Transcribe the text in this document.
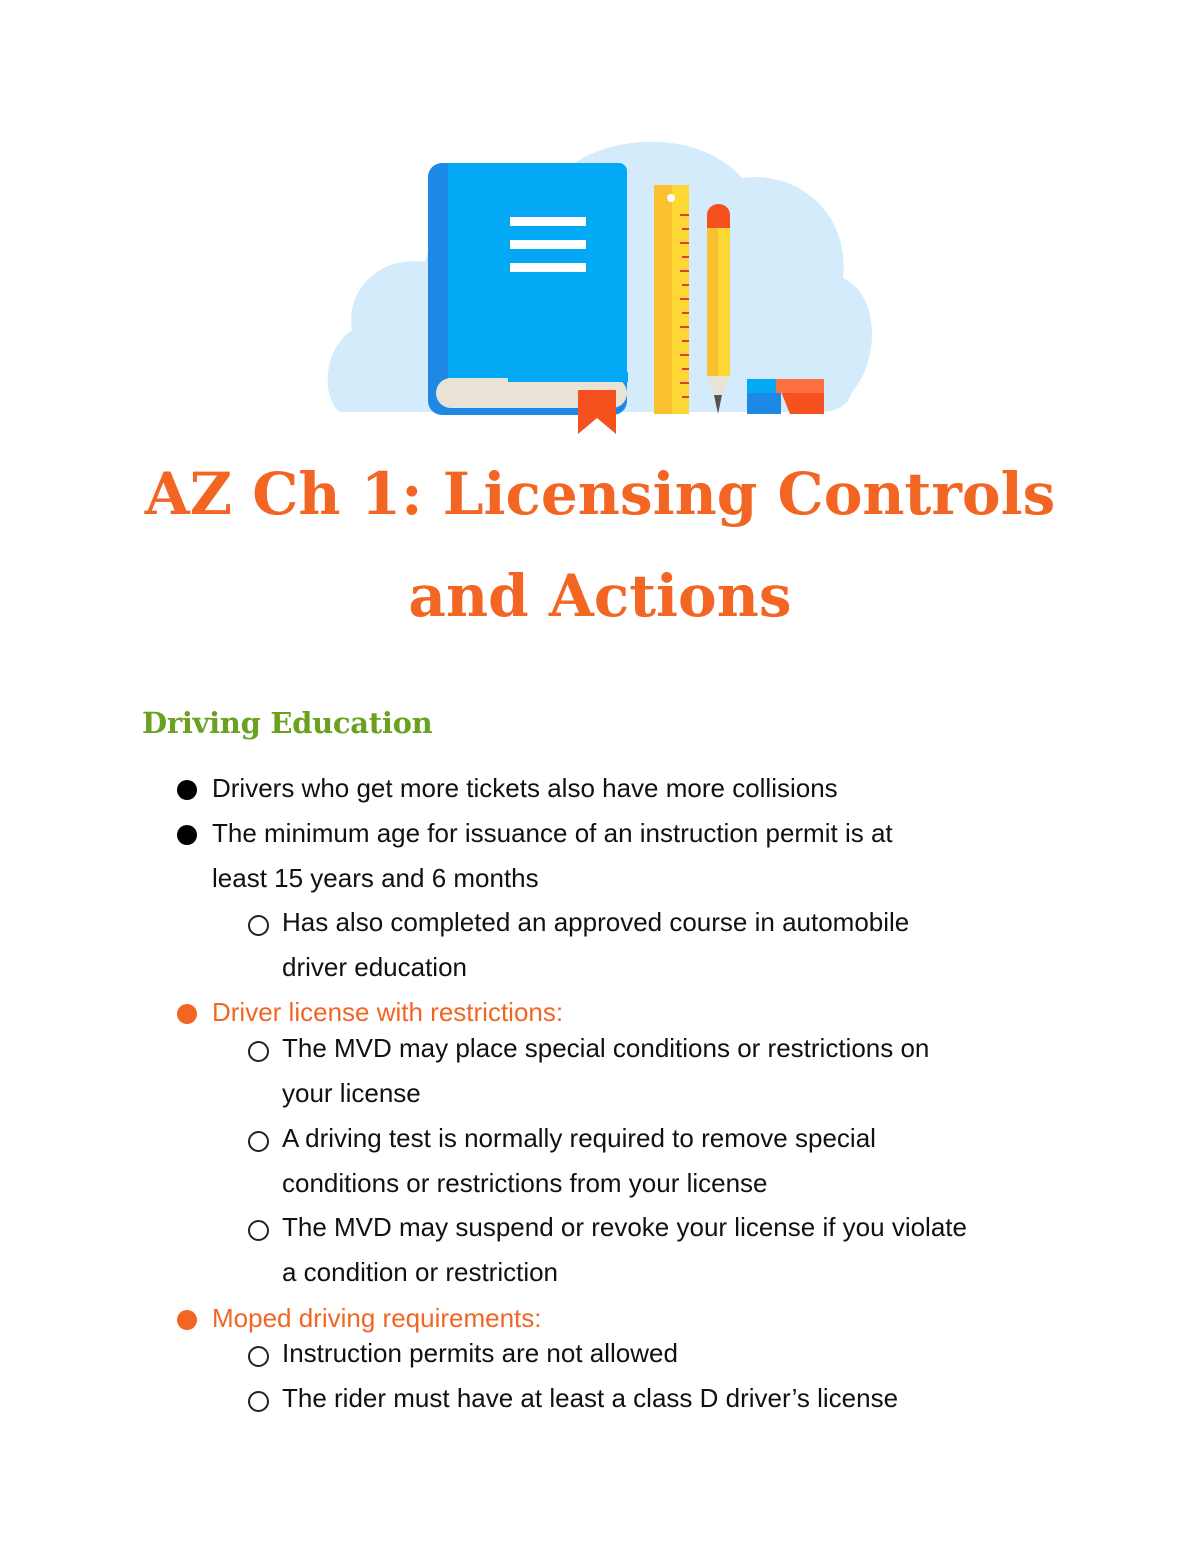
AZ Ch 1: Licensing Controls
and Actions
Driving Education
Drivers who get more tickets also have more collisions
The minimum age for issuance of an instruction permit is at
least 15 years and 6 months
Has also completed an approved course in automobile
driver education
Driver license with restrictions:
The MVD may place special conditions or restrictions on
your license
A driving test is normally required to remove special
conditions or restrictions from your license
The MVD may suspend or revoke your license if you violate
a condition or restriction
Moped driving requirements:
Instruction permits are not allowed
The rider must have at least a class D driver’s license
